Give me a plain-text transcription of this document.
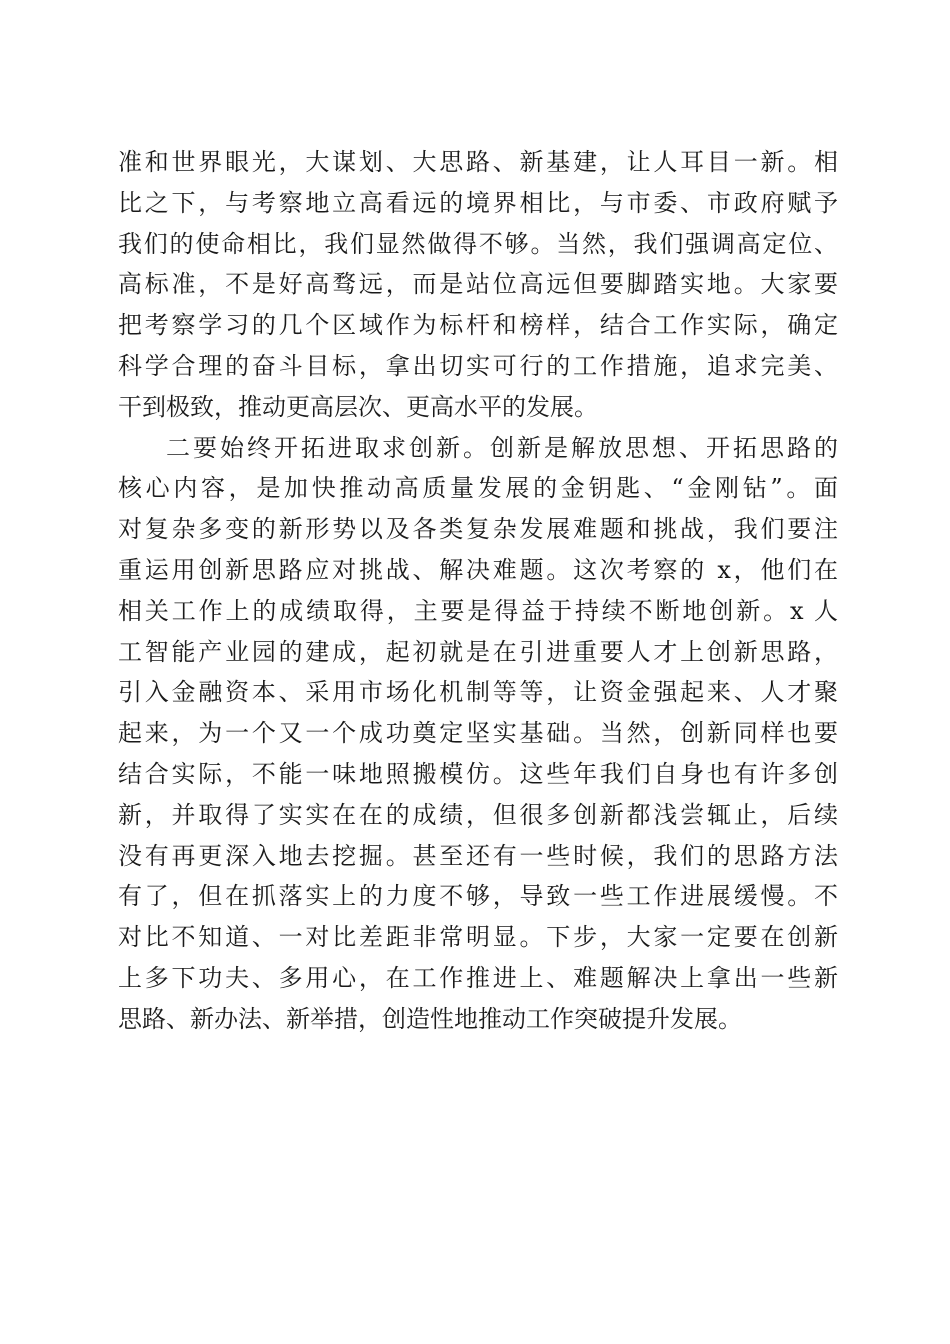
准和世界眼光，大谋划、大思路、新基建，让人耳目一新。相
比之下，与考察地立高看远的境界相比，与市委、市政府赋予
我们的使命相比，我们显然做得不够。当然，我们强调高定位、
高标准，不是好高骛远，而是站位高远但要脚踏实地。大家要
把考察学习的几个区域作为标杆和榜样，结合工作实际，确定
科学合理的奋斗目标，拿出切实可行的工作措施，追求完美、
干到极致，推动更高层次、更高水平的发展。
二要始终开拓进取求创新。创新是解放思想、开拓思路的
核心内容，是加快推动高质量发展的金钥匙、“金刚钻”。面
对复杂多变的新形势以及各类复杂发展难题和挑战，我们要注
重运用创新思路应对挑战、解决难题。这次考察的 x，他们在
相关工作上的成绩取得，主要是得益于持续不断地创新。x 人
工智能产业园的建成，起初就是在引进重要人才上创新思路，
引入金融资本、采用市场化机制等等，让资金强起来、人才聚
起来，为一个又一个成功奠定坚实基础。当然，创新同样也要
结合实际，不能一味地照搬模仿。这些年我们自身也有许多创
新，并取得了实实在在的成绩，但很多创新都浅尝辄止，后续
没有再更深入地去挖掘。甚至还有一些时候，我们的思路方法
有了，但在抓落实上的力度不够，导致一些工作进展缓慢。不
对比不知道、一对比差距非常明显。下步，大家一定要在创新
上多下功夫、多用心，在工作推进上、难题解决上拿出一些新
思路、新办法、新举措，创造性地推动工作突破提升发展。
